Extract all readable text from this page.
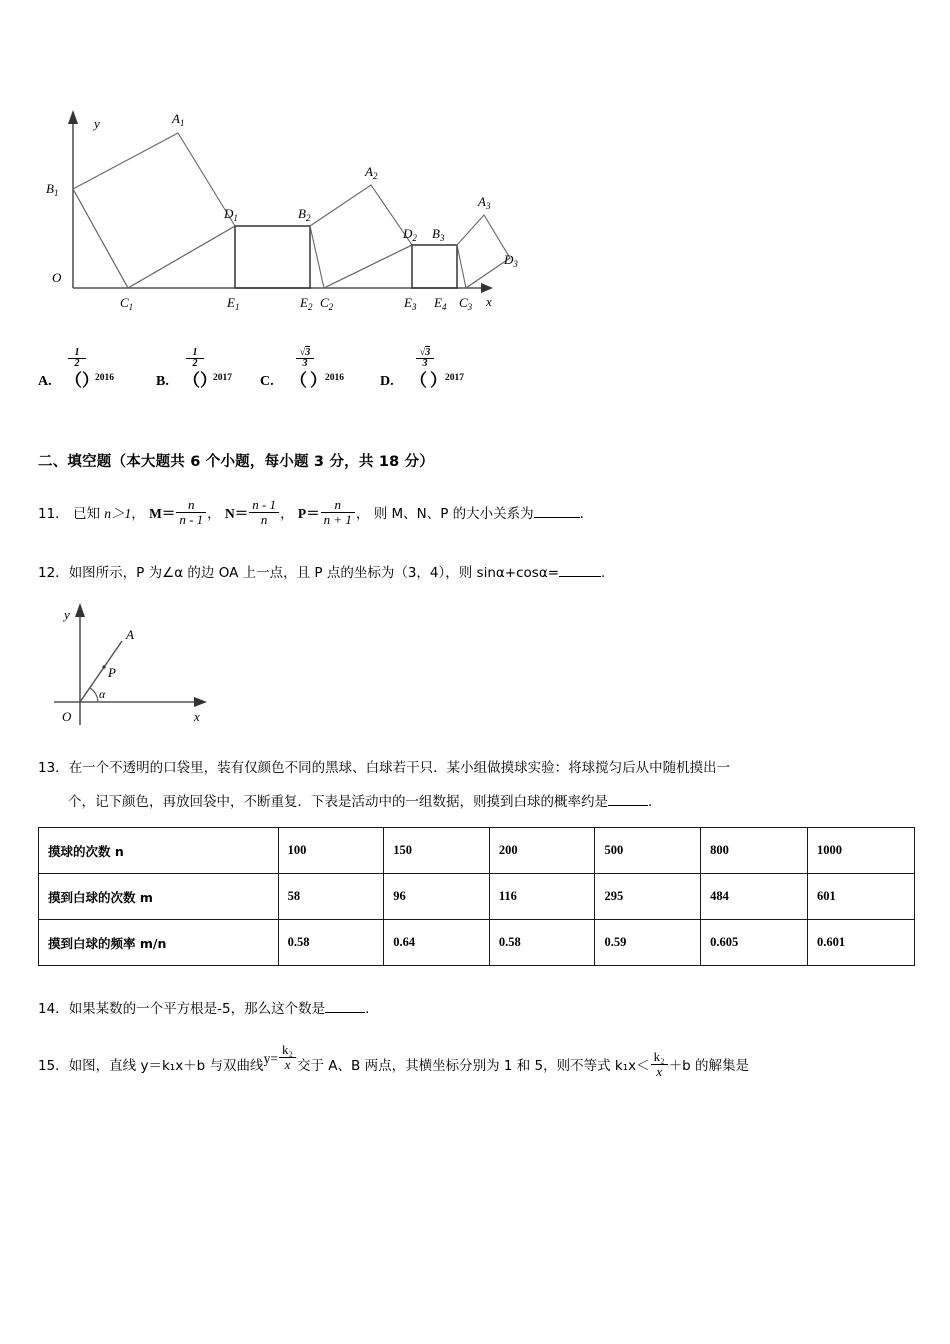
y
x
O
$A_1$
$B_1$
$C_1$
$D_1$
$E_1$
$A_2$
$B_2$
$C_2$
$D_2$
$E_2$	$E_3$
$A_3$
$B_3$
$C_3$
$D_3$
$E_4$
A.
1
2
（ ）
2016	B.
1
2
（ ）
2017 C.
√3
3
（ ）
2016	D.
√3
3
（ ）
2017
二、填空题（本大题共 6 个小题，每小题 3 分，共 18 分）
11． 已知 n＞1， $M= \frac{n}{n - 1}$ ， $N= \frac{n - 1}{n}$ ， $P= \frac{n}{n + 1}$ ， 则 M、N、P 的大小关系为	.
12．如图所示，P 为∠α 的边 OA 上一点，且 P 点的坐标为（3，4），则 sinα+cosα=	.
A
P
α
O
y
x
13．在一个不透明的口袋里，装有仅颜色不同的黑球、白球若干只．某小组做摸球实验：将球搅匀后从中随机摸出一
个，记下颜色，再放回袋中，不断重复．下表是活动中的一组数据，则摸到白球的概率约是	.
摸球的次数 n	100	150	200	500	800	1000
摸到白球的次数 m	58	96	116	295	484	601
摸到白球的频率 m/n	0.58	0.64	0.58	0.59	0.605	0.601
14．如果某数的一个平方根是‑5，那么这个数是	.
15．如图，直线 y＝k₁x＋b 与双曲线$y= \frac{\text{k₂}}{x}$ 交于 A、B 两点，其横坐标分别为 1 和 5，则不等式 $k_1x< \frac{\text{k₂}}{x} +b$ 的解集是
